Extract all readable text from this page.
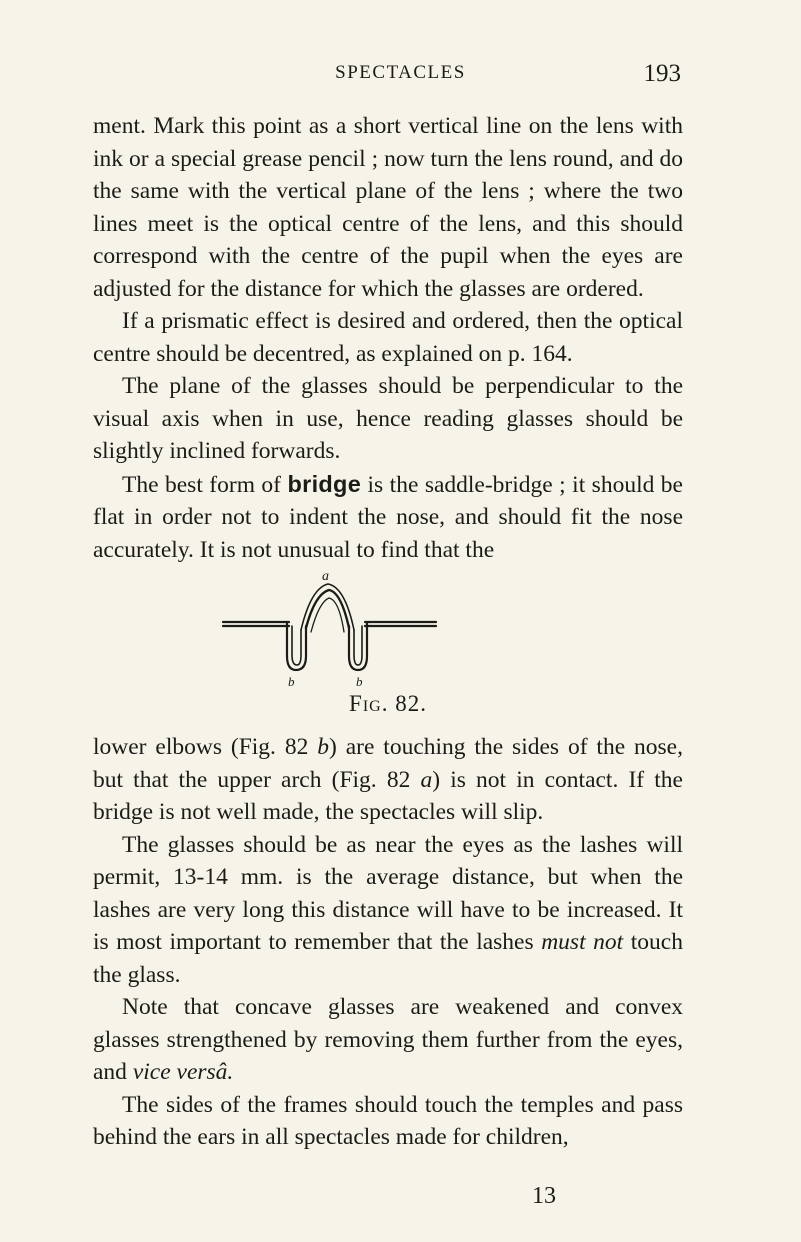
SPECTACLES	193

ment. Mark this point as a short vertical line on the lens with ink or a special grease pencil ; now turn the lens round, and do the same with the vertical plane of the lens ; where the two lines meet is the optical centre of the lens, and this should correspond with the centre of the pupil when the eyes are adjusted for the distance for which the glasses are ordered.

If a prismatic effect is desired and ordered, then the optical centre should be decentred, as explained on p. 164.

The plane of the glasses should be perpendicular to the visual axis when in use, hence reading glasses should be slightly inclined forwards.

The best form of bridge is the saddle-bridge ; it should be flat in order not to indent the nose, and should fit the nose accurately. It is not unusual to find that the

a
b	b
Fig. 82.

lower elbows (Fig. 82 b) are touching the sides of the nose, but that the upper arch (Fig. 82 a) is not in contact. If the bridge is not well made, the spectacles will slip.

The glasses should be as near the eyes as the lashes will permit, 13-14 mm. is the average distance, but when the lashes are very long this distance will have to be increased. It is most important to remember that the lashes must not touch the glass.

Note that concave glasses are weakened and convex glasses strengthened by removing them further from the eyes, and vice versâ.

The sides of the frames should touch the temples and pass behind the ears in all spectacles made for children,

13
